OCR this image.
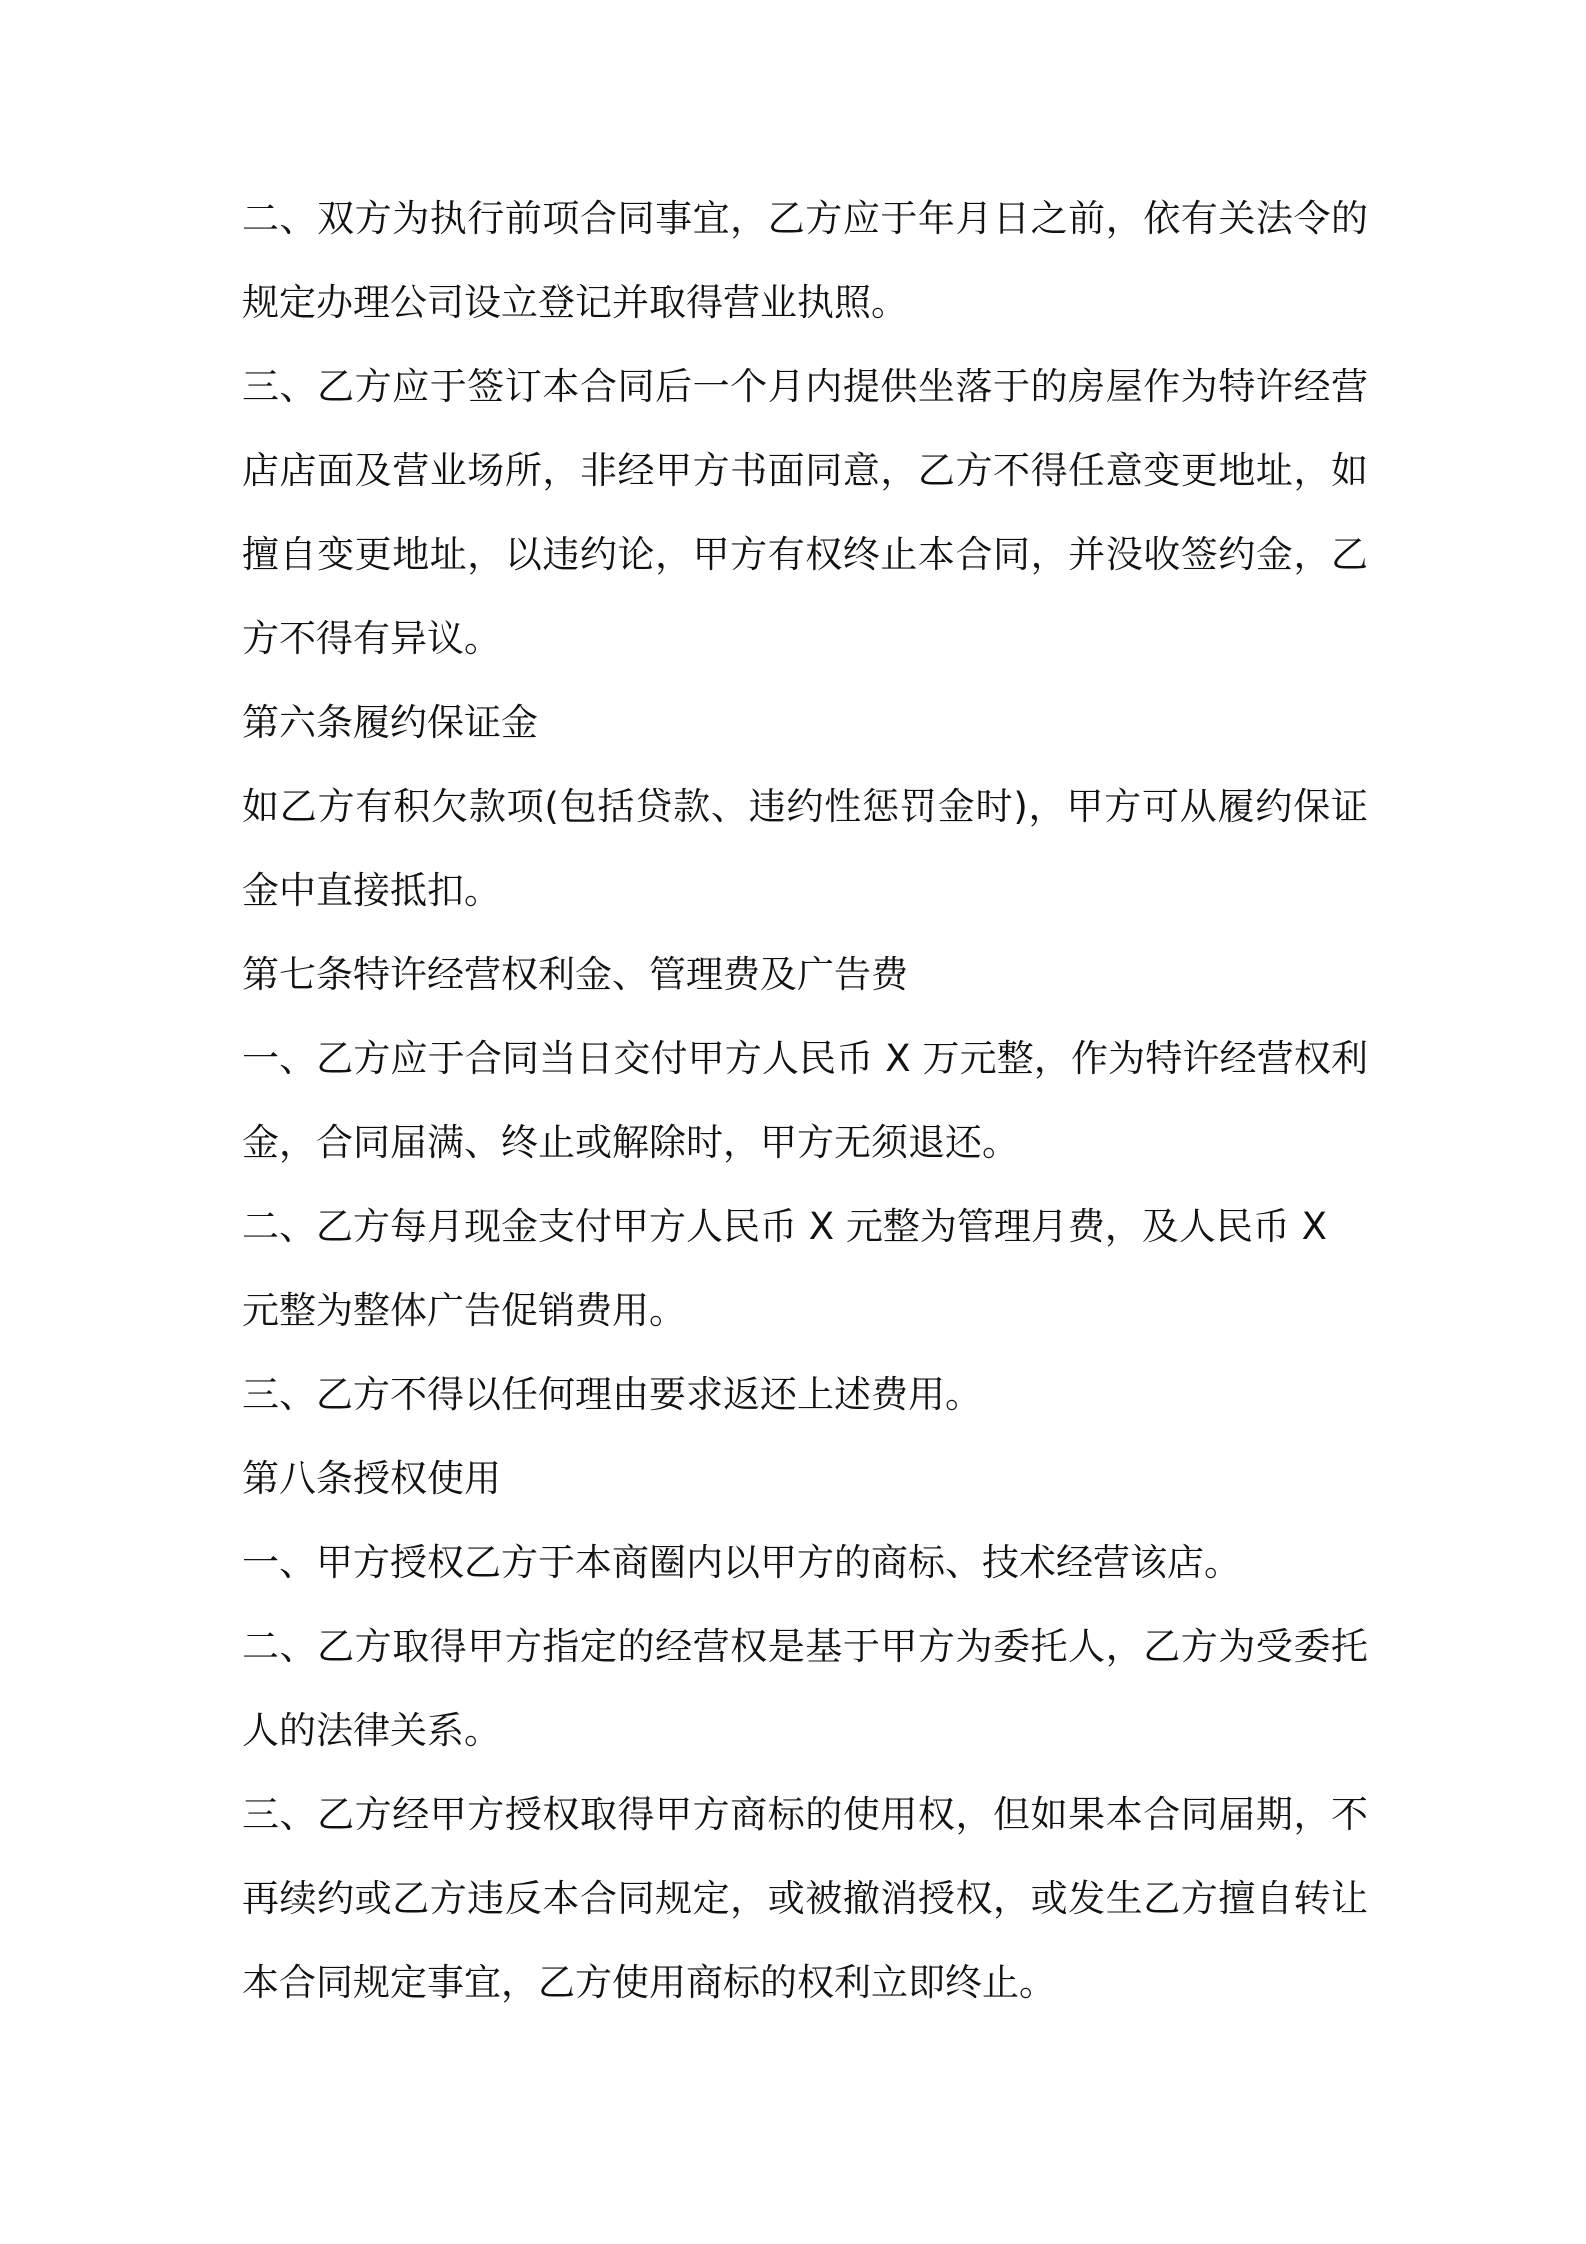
二、双方为执行前项合同事宜，乙方应于年月日之前，依有关法令的
规定办理公司设立登记并取得营业执照。
三、乙方应于签订本合同后一个月内提供坐落于的房屋作为特许经营
店店面及营业场所，非经甲方书面同意，乙方不得任意变更地址，如
擅自变更地址，以违约论，甲方有权终止本合同，并没收签约金，乙
方不得有异议。
第六条履约保证金
如乙方有积欠款项(包括贷款、违约性惩罚金时)，甲方可从履约保证
金中直接抵扣。
第七条特许经营权利金、管理费及广告费
一、乙方应于合同当日交付甲方人民币 X 万元整，作为特许经营权利
金，合同届满、终止或解除时，甲方无须退还。
二、乙方每月现金支付甲方人民币 X 元整为管理月费，及人民币 X
元整为整体广告促销费用。
三、乙方不得以任何理由要求返还上述费用。
第八条授权使用
一、甲方授权乙方于本商圈内以甲方的商标、技术经营该店。
二、乙方取得甲方指定的经营权是基于甲方为委托人，乙方为受委托
人的法律关系。
三、乙方经甲方授权取得甲方商标的使用权，但如果本合同届期，不
再续约或乙方违反本合同规定，或被撤消授权，或发生乙方擅自转让
本合同规定事宜，乙方使用商标的权利立即终止。
